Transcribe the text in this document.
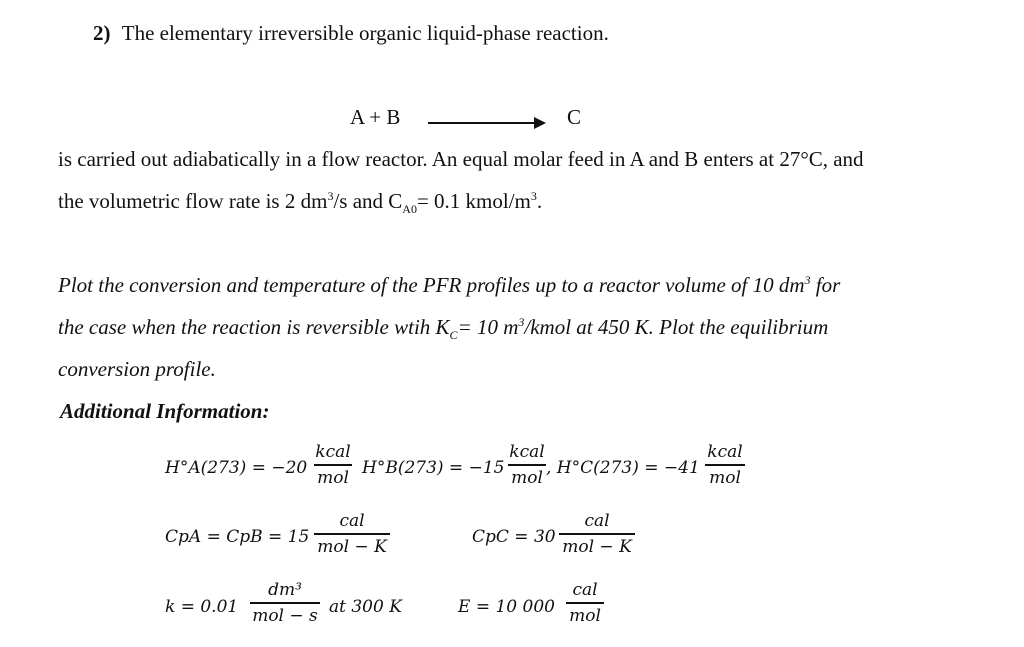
2) The elementary irreversible organic liquid-phase reaction.
A + B	C
is carried out adiabatically in a flow reactor. An equal molar feed in A and B enters at 27°C, and
the volumetric flow rate is 2 $dm^3/s$ and $C_{A0}= 0.1$ kmol/$m^3$.
Plot the conversion and temperature of the PFR profiles up to a reactor volume of 10 $dm^3$ for
the case when the reaction is reversible wtih $K_C= 10$ $m^3$/kmol at 450 K. Plot the equilibrium
conversion profile.
Additional Information:
H°A(273) = −20
kcal
mol H°B(273) = −15
kcal
mol , H°C(273) = −41
kcal
mol
CpA = CpB = 15
cal
mol − K	CpC = 30
cal
mol − K
k = 0.01
dm³
mol − s at 300 K	E = 10 000
cal
mol
